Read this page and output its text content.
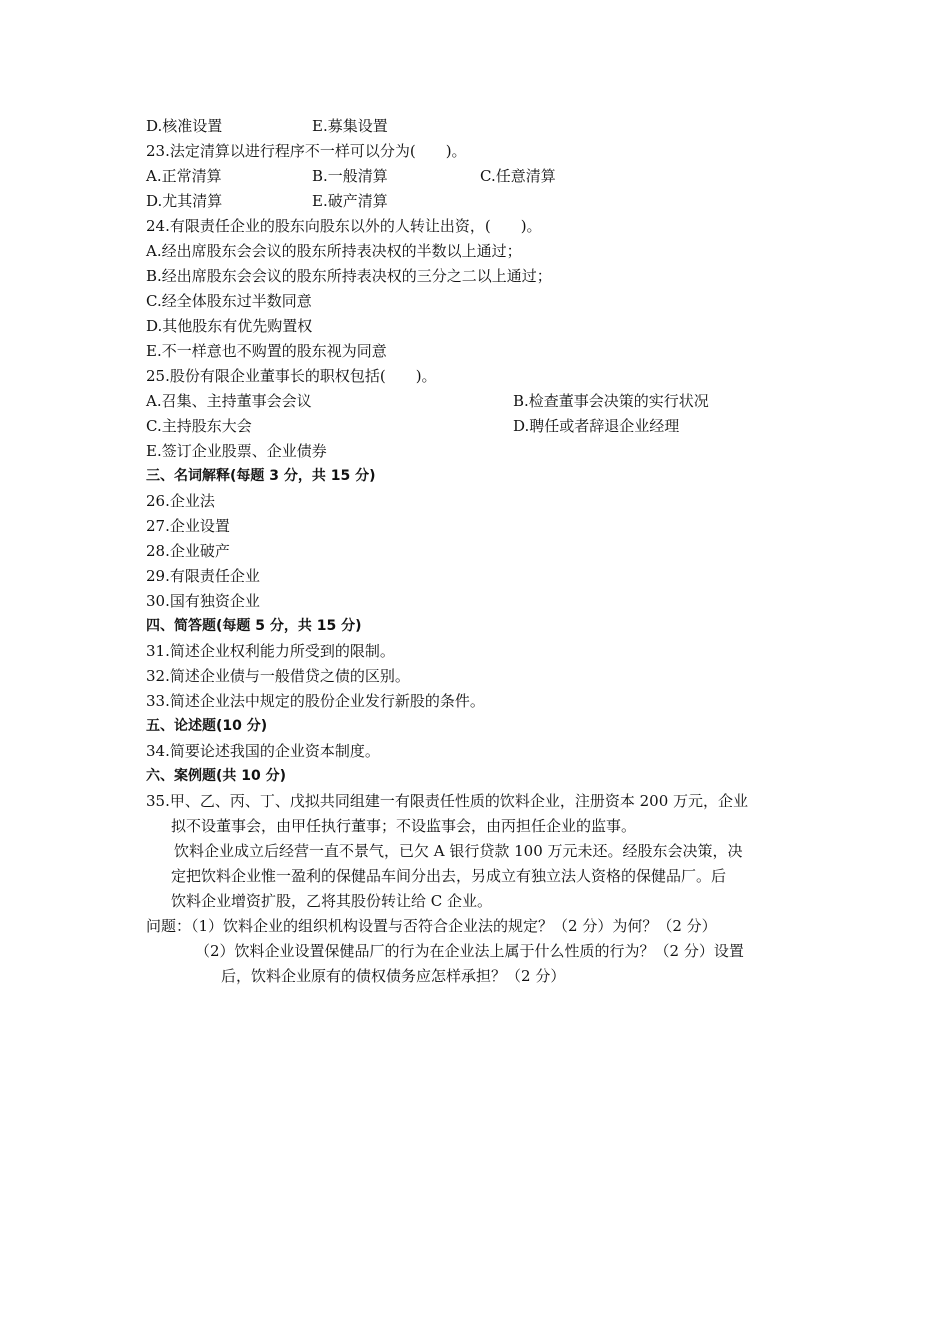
D.核准设置	E.募集设置
23.法定清算以进行程序不一样可以分为(　　)。
A.正常清算	B.一般清算	C.任意清算
D.尤其清算	E.破产清算
24.有限责任企业的股东向股东以外的人转让出资，(　　)。
A.经出席股东会会议的股东所持表决权的半数以上通过；
B.经出席股东会会议的股东所持表决权的三分之二以上通过；
C.经全体股东过半数同意
D.其他股东有优先购置权
E.不一样意也不购置的股东视为同意
25.股份有限企业董事长的职权包括(　　)。
A.召集、主持董事会会议	B.检查董事会决策的实行状况
C.主持股东大会	D.聘任或者辞退企业经理
E.签订企业股票、企业债券
三、名词解释(每题 3 分，共 15 分)
26.企业法
27.企业设置
28.企业破产
29.有限责任企业
30.国有独资企业
四、简答题(每题 5 分，共 15 分)
31.简述企业权利能力所受到的限制。
32.简述企业债与一般借贷之债的区别。
33.简述企业法中规定的股份企业发行新股的条件。
五、论述题(10 分)
34.简要论述我国的企业资本制度。
六、案例题(共 10 分)
35.甲、乙、丙、丁、戊拟共同组建一有限责任性质的饮料企业，注册资本 200 万元，企业
拟不设董事会，由甲任执行董事；不设监事会，由丙担任企业的监事。
饮料企业成立后经营一直不景气，已欠 A 银行贷款 100 万元未还。经股东会决策，决
定把饮料企业惟一盈利的保健品车间分出去，另成立有独立法人资格的保健品厂。后
饮料企业增资扩股，乙将其股份转让给 C 企业。
问题：（1）饮料企业的组织机构设置与否符合企业法的规定？（2 分）为何？（2 分）
（2）饮料企业设置保健品厂的行为在企业法上属于什么性质的行为？（2 分）设置
后，饮料企业原有的债权债务应怎样承担？（2 分）
